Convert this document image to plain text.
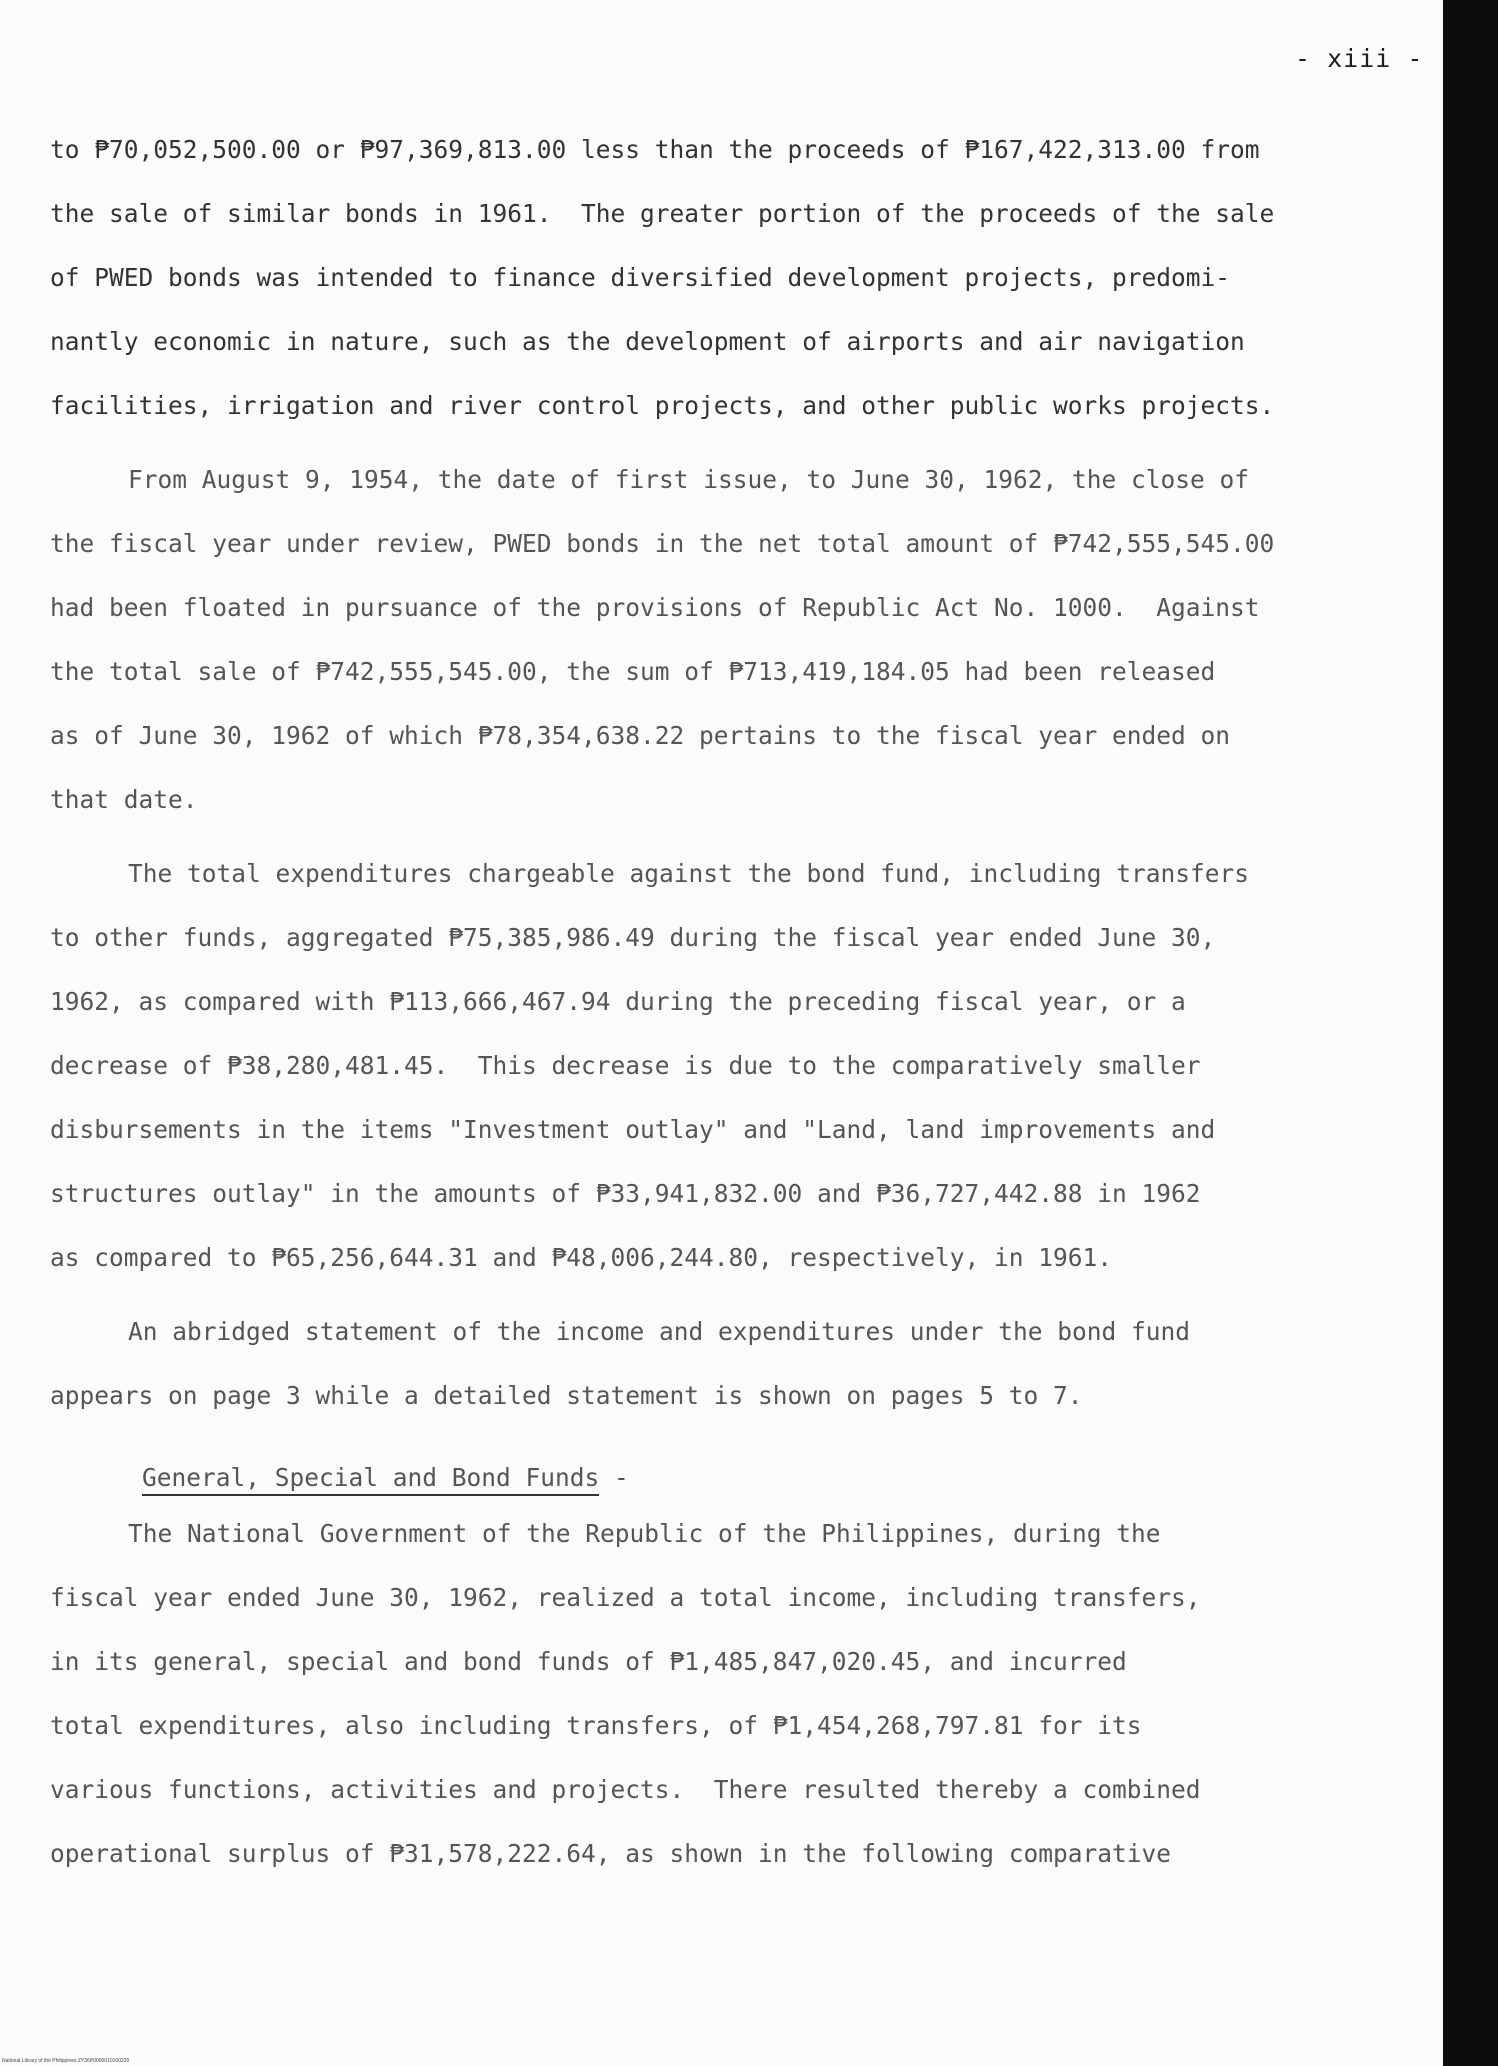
- xiii -
to ₱70,052,500.00 or ₱97,369,813.00 less than the proceeds of ₱167,422,313.00 from
the sale of similar bonds in 1961.  The greater portion of the proceeds of the sale
of PWED bonds was intended to finance diversified development projects, predomi-
nantly economic in nature, such as the development of airports and air navigation
facilities, irrigation and river control projects, and other public works projects.
From August 9, 1954, the date of first issue, to June 30, 1962, the close of
the fiscal year under review, PWED bonds in the net total amount of ₱742,555,545.00
had been floated in pursuance of the provisions of Republic Act No. 1000.  Against
the total sale of ₱742,555,545.00, the sum of ₱713,419,184.05 had been released
as of June 30, 1962 of which ₱78,354,638.22 pertains to the fiscal year ended on
that date.
The total expenditures chargeable against the bond fund, including transfers
to other funds, aggregated ₱75,385,986.49 during the fiscal year ended June 30,
1962, as compared with ₱113,666,467.94 during the preceding fiscal year, or a
decrease of ₱38,280,481.45.  This decrease is due to the comparatively smaller
disbursements in the items "Investment outlay" and "Land, land improvements and
structures outlay" in the amounts of ₱33,941,832.00 and ₱36,727,442.88 in 1962
as compared to ₱65,256,644.31 and ₱48,006,244.80, respectively, in 1961.
An abridged statement of the income and expenditures under the bond fund
appears on page 3 while a detailed statement is shown on pages 5 to 7.
General, Special and Bond Funds -
The National Government of the Republic of the Philippines, during the
fiscal year ended June 30, 1962, realized a total income, including transfers,
in its general, special and bond funds of ₱1,485,847,020.45, and incurred
total expenditures, also including transfers, of ₱1,454,268,797.81 for its
various functions, activities and projects.  There resulted thereby a combined
operational surplus of ₱31,578,222.64, as shown in the following comparative
National Library of the Philippines ZY36P0000010100220
